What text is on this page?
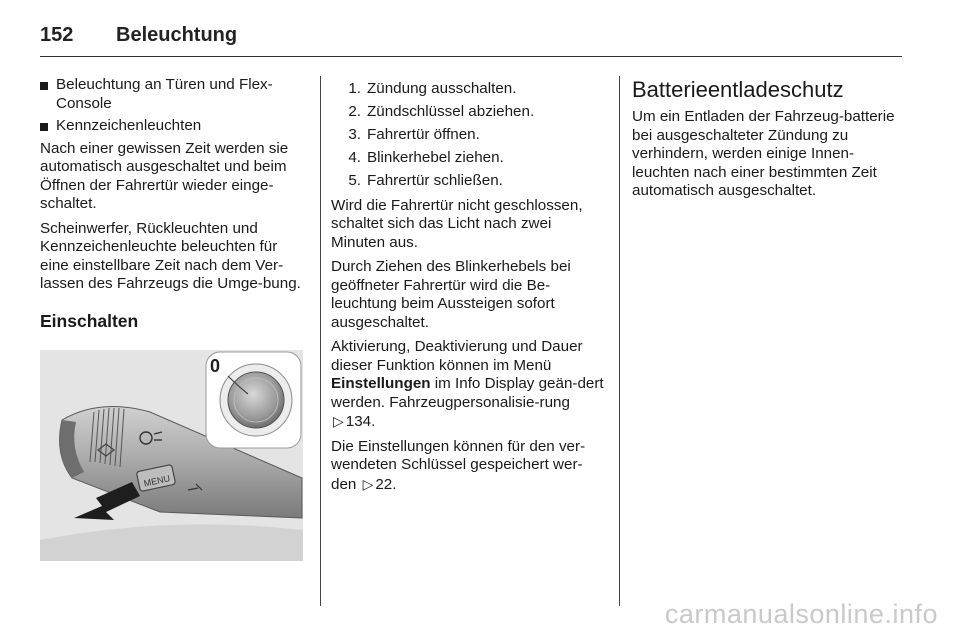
152 Beleuchtung
Beleuchtung an Türen und Flex-
Console
Kennzeichenleuchten

Nach einer gewissen Zeit werden sie automatisch ausgeschaltet und beim Öffnen der Fahrertür wieder einge-schaltet.

Scheinwerfer, Rückleuchten und Kennzeichenleuchte beleuchten für eine einstellbare Zeit nach dem Ver-lassen des Fahrzeugs die Umge-bung.

Einschalten
MENU
0
1. Zündung ausschalten.
2. Zündschlüssel abziehen.
3. Fahrertür öffnen.
4. Blinkerhebel ziehen.
5. Fahrertür schließen.

Wird die Fahrertür nicht geschlossen, schaltet sich das Licht nach zwei Minuten aus.

Durch Ziehen des Blinkerhebels bei geöffneter Fahrertür wird die Be-leuchtung beim Aussteigen sofort ausgeschaltet.

Aktivierung, Deaktivierung und Dauer dieser Funktion können im Menü Einstellungen im Info Display geän-dert werden. Fahrzeugpersonalisie-rung ▷ 134.

Die Einstellungen können für den ver-wendeten Schlüssel gespeichert wer-den ▷ 22.

Batterieentladeschutz

Um ein Entladen der Fahrzeug-batterie bei ausgeschalteter Zündung zu verhindern, werden einige Innen-leuchten nach einer bestimmten Zeit automatisch ausgeschaltet.

carmanualsonline.info
